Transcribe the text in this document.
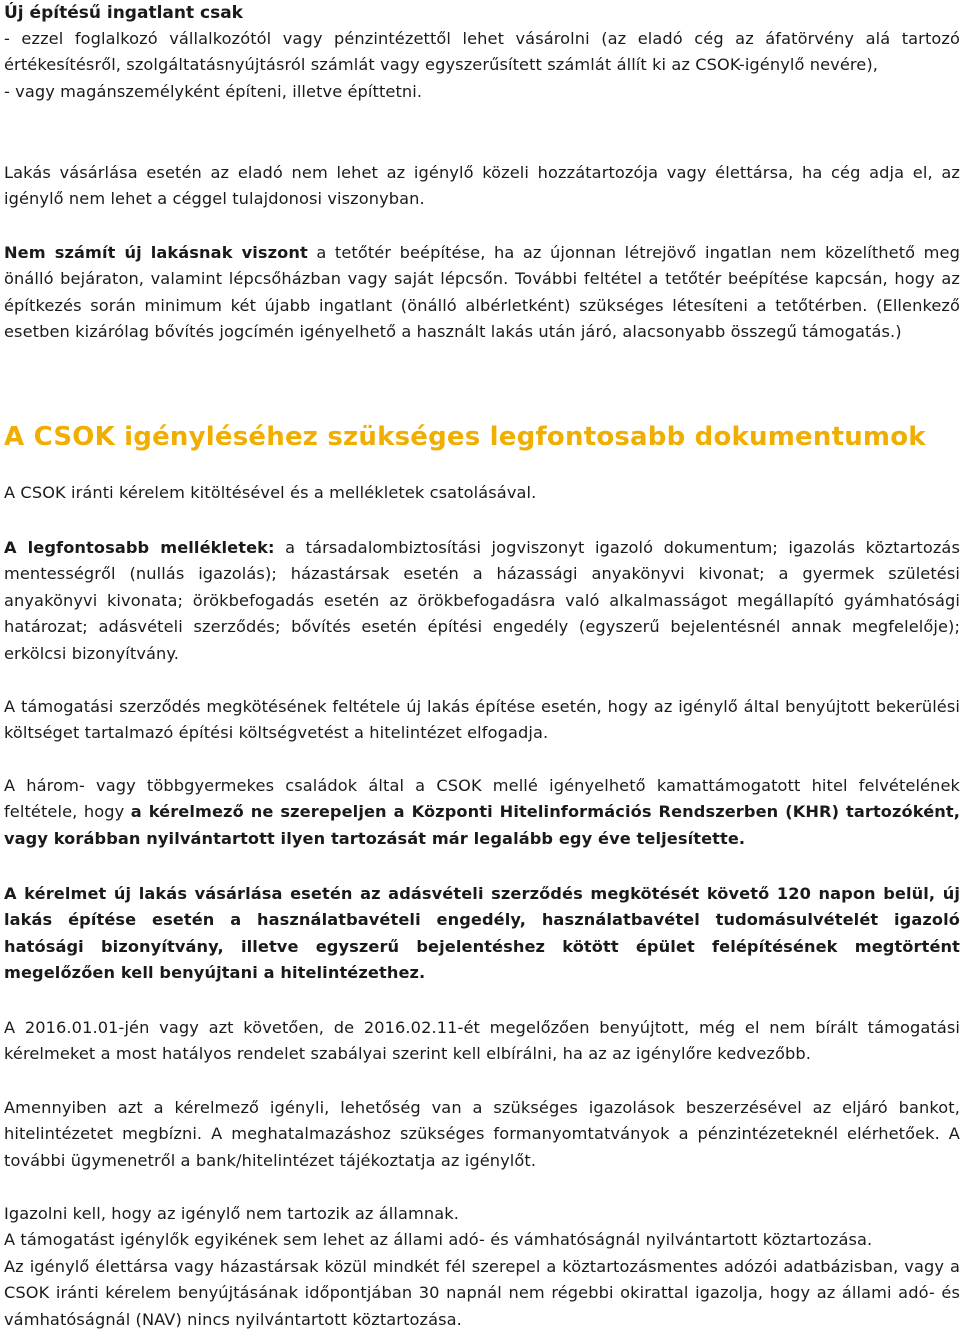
Új építésű ingatlant csak

- ezzel foglalkozó vállalkozótól vagy pénzintézettől lehet vásárolni (az eladó cég az áfatörvény alá tartozó értékesítésről, szolgáltatásnyújtásról számlát vagy egyszerűsített számlát állít ki az CSOK-igénylő nevére),

- vagy magánszemélyként építeni, illetve építtetni.

Lakás vásárlása esetén az eladó nem lehet az igénylő közeli hozzátartozója vagy élettársa, ha cég adja el, az igénylő nem lehet a céggel tulajdonosi viszonyban.

Nem számít új lakásnak viszont a tetőtér beépítése, ha az újonnan létrejövő ingatlan nem közelíthető meg önálló bejáraton, valamint lépcsőházban vagy saját lépcsőn. További feltétel a tetőtér beépítése kapcsán, hogy az építkezés során minimum két újabb ingatlant (önálló albérletként) szükséges létesíteni a tetőtérben. (Ellenkező esetben kizárólag bővítés jogcímén igényelhető a használt lakás után járó, alacsonyabb összegű támogatás.)

A CSOK igényléséhez szükséges legfontosabb dokumentumok

A CSOK iránti kérelem kitöltésével és a mellékletek csatolásával.

A legfontosabb mellékletek: a társadalombiztosítási jogviszonyt igazoló dokumentum; igazolás köztartozás mentességről (nullás igazolás); házastársak esetén a házassági anyakönyvi kivonat; a gyermek születési anyakönyvi kivonata; örökbefogadás esetén az örökbefogadásra való alkalmasságot megállapító gyámhatósági határozat; adásvételi szerződés; bővítés esetén építési engedély (egyszerű bejelentésnél annak megfelelője); erkölcsi bizonyítvány.

A támogatási szerződés megkötésének feltétele új lakás építése esetén, hogy az igénylő által benyújtott bekerülési költséget tartalmazó építési költségvetést a hitelintézet elfogadja.

A három- vagy többgyermekes családok által a CSOK mellé igényelhető kamattámogatott hitel felvételének feltétele, hogy a kérelmező ne szerepeljen a Központi Hitelinformációs Rendszerben (KHR) tartozóként, vagy korábban nyilvántartott ilyen tartozását már legalább egy éve teljesítette.

A kérelmet új lakás vásárlása esetén az adásvételi szerződés megkötését követő 120 napon belül, új lakás építése esetén a használatbavételi engedély, használatbavétel tudomásulvételét igazoló hatósági bizonyítvány, illetve egyszerű bejelentéshez kötött épület felépítésének megtörtént megelőzően kell benyújtani a hitelintézethez.

A 2016.01.01-jén vagy azt követően, de 2016.02.11-ét megelőzően benyújtott, még el nem bírált támogatási kérelmeket a most hatályos rendelet szabályai szerint kell elbírálni, ha az az igénylőre kedvezőbb.

Amennyiben azt a kérelmező igényli, lehetőség van a szükséges igazolások beszerzésével az eljáró bankot, hitelintézetet megbízni. A meghatalmazáshoz szükséges formanyomtatványok a pénzintézeteknél elérhetőek. A további ügymenetről a bank/hitelintézet tájékoztatja az igénylőt.

Igazolni kell, hogy az igénylő nem tartozik az államnak.

A támogatást igénylők egyikének sem lehet az állami adó- és vámhatóságnál nyilvántartott köztartozása.

Az igénylő élettársa vagy házastársak közül mindkét fél szerepel a köztartozásmentes adózói adatbázisban, vagy a CSOK iránti kérelem benyújtásának időpontjában 30 napnál nem régebbi okirattal igazolja, hogy az állami adó- és vámhatóságnál (NAV) nincs nyilvántartott köztartozása.
